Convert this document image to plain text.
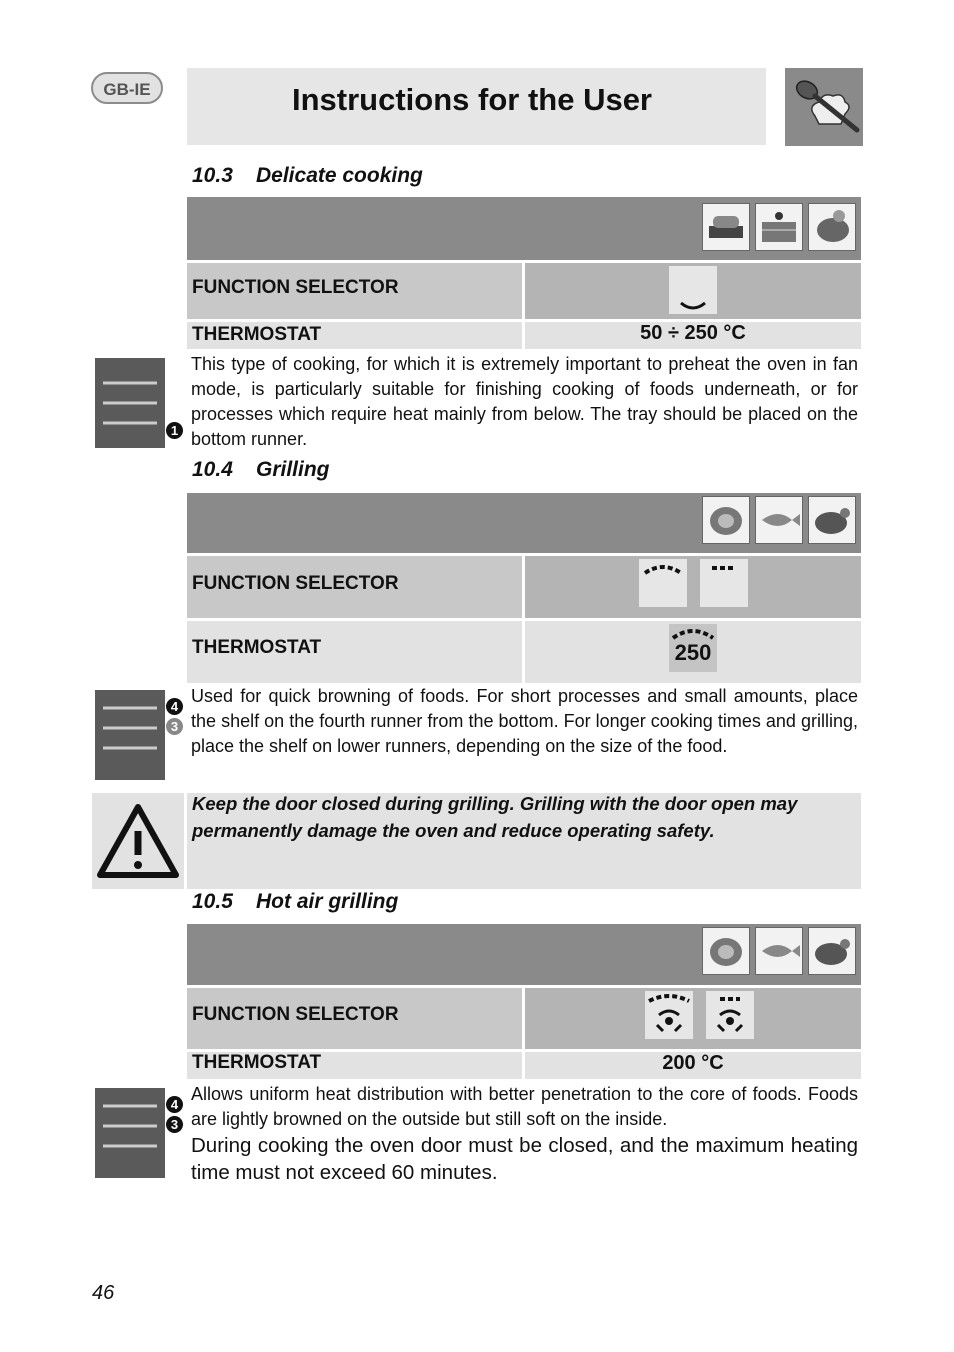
GB-IE	Instructions for the User
10.3 Delicate cooking
FUNCTION SELECTOR
THERMOSTAT	50 ÷ 250 °C
1
This type of cooking, for which it is extremely important to preheat the oven in fan mode, is particularly suitable for finishing cooking of foods underneath, or for processes which require heat mainly from below. The tray should be placed on the bottom runner.
10.4 Grilling
FUNCTION SELECTOR
THERMOSTAT	250
4
3
Used for quick browning of foods. For short processes and small amounts, place the shelf on the fourth runner from the bottom. For longer cooking times and grilling, place the shelf on lower runners, depending on the size of the food.
Keep the door closed during grilling. Grilling with the door open may permanently damage the oven and reduce operating safety.
10.5 Hot air grilling
FUNCTION SELECTOR
THERMOSTAT	200 °C
4
3
Allows uniform heat distribution with better penetration to the core of foods. Foods are lightly browned on the outside but still soft on the inside.
During cooking the oven door must be closed, and the maximum heating time must not exceed 60 minutes.
46
